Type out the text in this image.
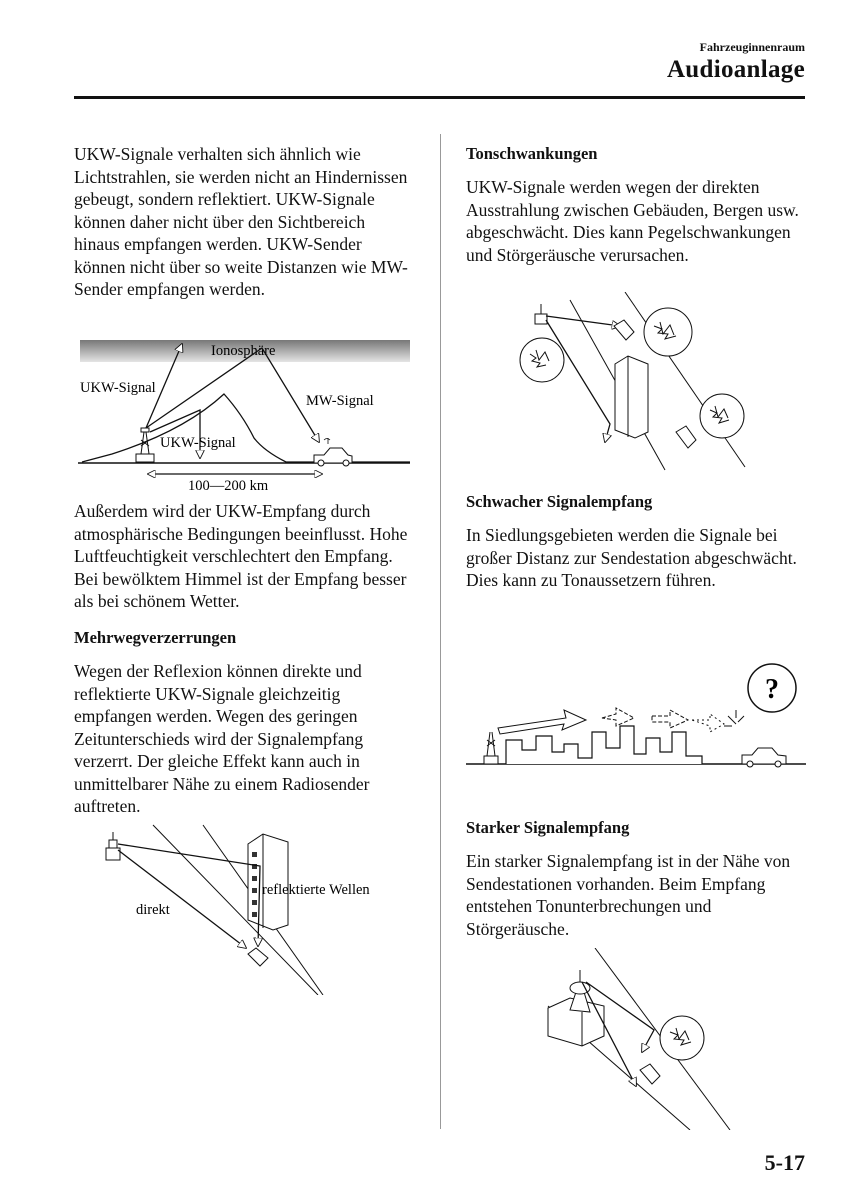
Fahrzeuginnenraum
Audioanlage

UKW-Signale verhalten sich ähnlich wie Lichtstrahlen, sie werden nicht an Hindernissen gebeugt, sondern reflektiert. UKW-Signale können daher nicht über den Sichtbereich hinaus empfangen werden. UKW-Sender können nicht über so weite Distanzen wie MW-Sender empfangen werden.

Ionosphäre
UKW-Signal
MW-Signal
UKW-Signal
100—200 km

Außerdem wird der UKW-Empfang durch atmosphärische Bedingungen beeinflusst. Hohe Luftfeuchtigkeit verschlechtert den Empfang. Bei bewölktem Himmel ist der Empfang besser als bei schönem Wetter.

Mehrwegverzerrungen

Wegen der Reflexion können direkte und reflektierte UKW-Signale gleichzeitig empfangen werden. Wegen des geringen Zeitunterschieds wird der Signalempfang verzerrt. Der gleiche Effekt kann auch in unmittelbarer Nähe zu einem Radiosender auftreten.

direkt
reflektierte Wellen
Tonschwankungen

UKW-Signale werden wegen der direkten Ausstrahlung zwischen Gebäuden, Bergen usw. abgeschwächt. Dies kann Pegelschwankungen und Störgeräusche verursachen.

Schwacher Signalempfang

In Siedlungsgebieten werden die Signale bei großer Distanz zur Sendestation abgeschwächt. Dies kann zu Tonaussetzern führen.

?
Starker Signalempfang

Ein starker Signalempfang ist in der Nähe von Sendestationen vorhanden. Beim Empfang entstehen Tonunterbrechungen und Störgeräusche.

5-17
